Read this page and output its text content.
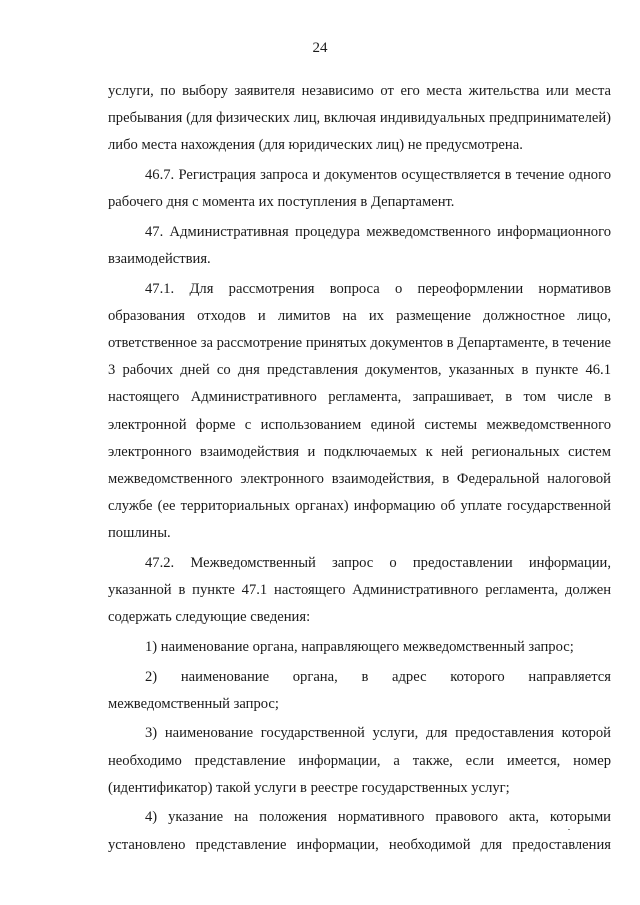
24

услуги, по выбору заявителя независимо от его места жительства или места пребывания (для физических лиц, включая индивидуальных предпринимателей) либо места нахождения (для юридических лиц) не предусмотрена.

46.7. Регистрация запроса и документов осуществляется в течение одного рабочего дня с момента их поступления в Департамент.

47. Административная процедура межведомственного информационного взаимодействия.

47.1. Для рассмотрения вопроса о переоформлении нормативов образования отходов и лимитов на их размещение должностное лицо, ответственное за рассмотрение принятых документов в Департаменте, в течение 3 рабочих дней со дня представления документов, указанных в пункте 46.1 настоящего Административного регламента, запрашивает, в том числе в электронной форме с использованием единой системы межведомственного электронного взаимодействия и подключаемых к ней региональных систем межведомственного электронного взаимодействия, в Федеральной налоговой службе (ее территориальных органах) информацию об уплате государственной пошлины.

47.2. Межведомственный запрос о предоставлении информации, указанной в пункте 47.1 настоящего Административного регламента, должен содержать следующие сведения:

1) наименование органа, направляющего межведомственный запрос;

2) наименование органа, в адрес которого направляется межведомственный запрос;

3) наименование государственной услуги, для предоставления которой необходимо представление информации, а также, если имеется, номер (идентификатор) такой услуги в реестре государственных услуг;

4) указание на положения нормативного правового акта, которыми установлено представление информации, необходимой для предоставления
